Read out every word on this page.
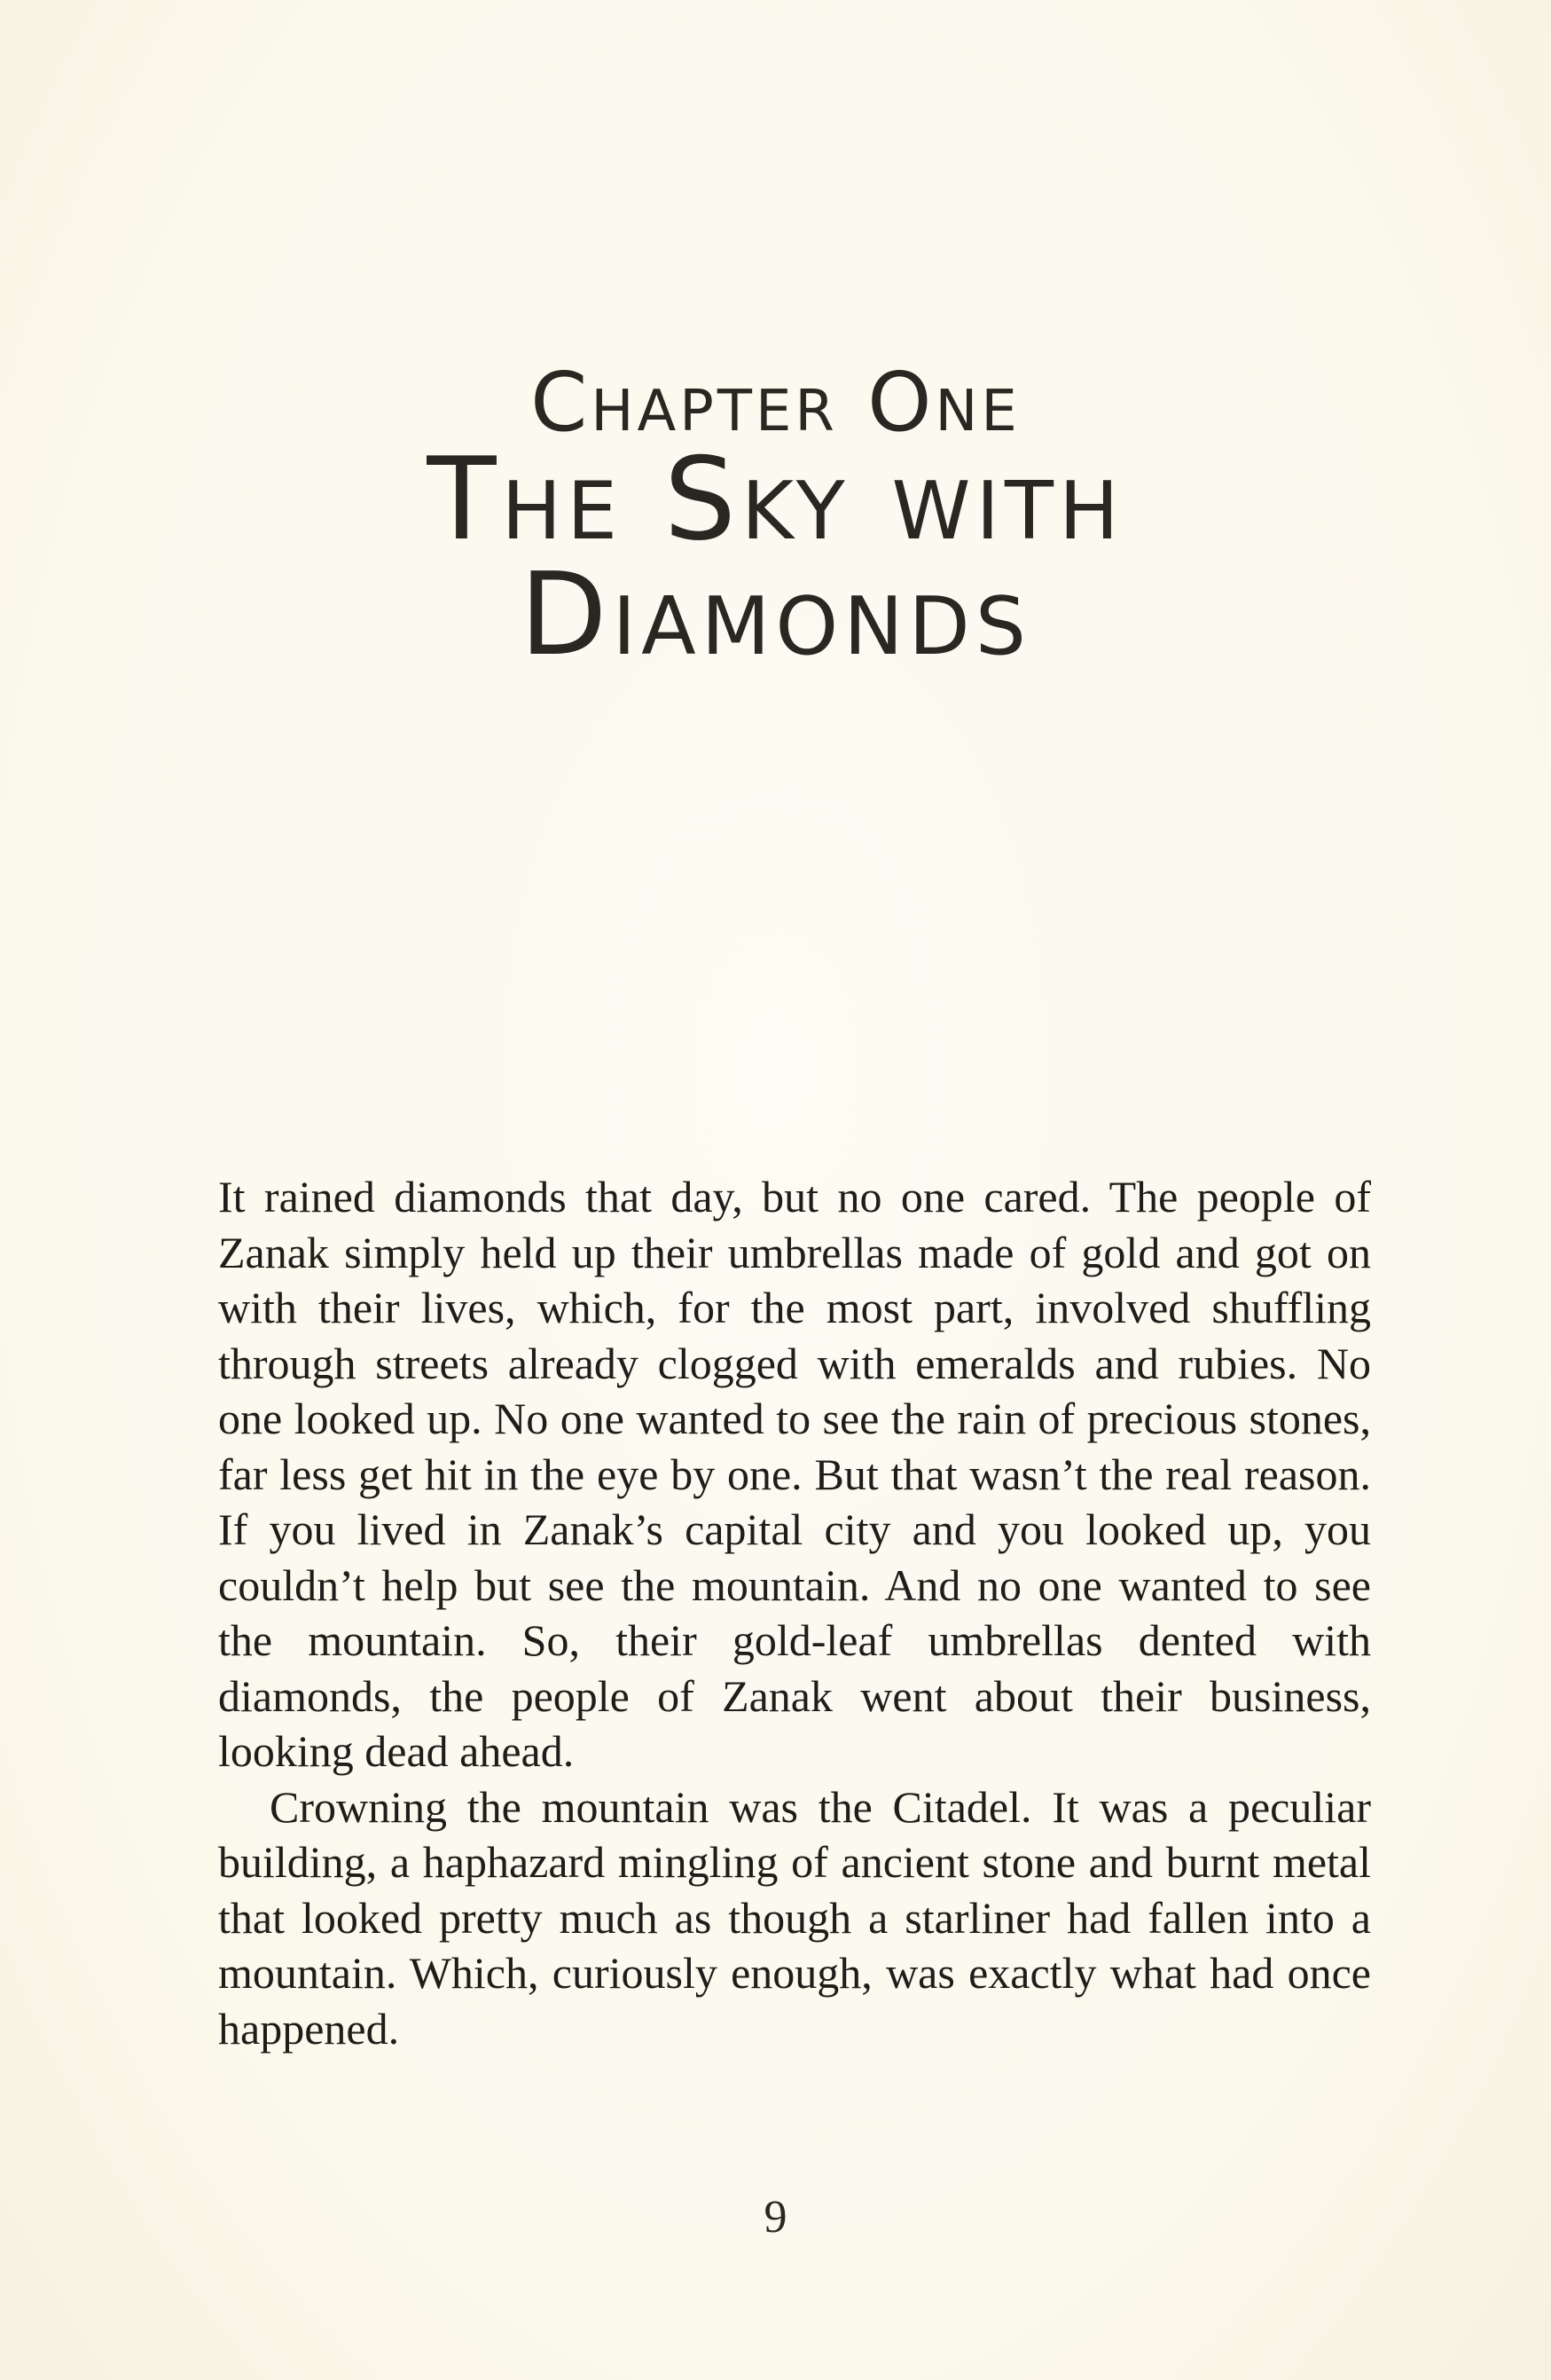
Chapter One
The Sky with
Diamonds

It rained diamonds that day, but no one cared. The people of Zanak simply held up their umbrellas made of gold and got on with their lives, which, for the most part, involved shuffling through streets already clogged with emeralds and rubies. No one looked up. No one wanted to see the rain of precious stones, far less get hit in the eye by one. But that wasn’t the real reason. If you lived in Zanak’s capital city and you looked up, you couldn’t help but see the mountain. And no one wanted to see the mountain. So, their gold-leaf umbrellas dented with diamonds, the people of Zanak went about their business, looking dead ahead.

Crowning the mountain was the Citadel. It was a peculiar building, a haphazard mingling of ancient stone and burnt metal that looked pretty much as though a starliner had fallen into a mountain. Which, curiously enough, was exactly what had once happened.

9
